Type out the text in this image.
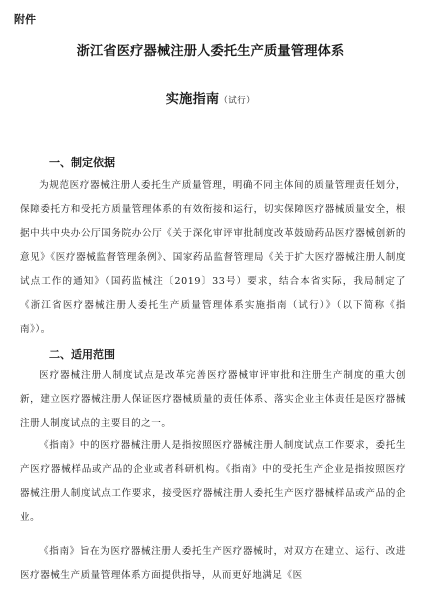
附件
浙江省医疗器械注册人委托生产质量管理体系
实施指南（试行）
一、制定依据

为规范医疗器械注册人委托生产质量管理，明确不同主体间的质量管理责任划分，保障委托方和受托方质量管理体系的有效衔接和运行，切实保障医疗器械质量安全，根据中共中央办公厅国务院办公厅《关于深化审评审批制度改革鼓励药品医疗器械创新的意见》《医疗器械监督管理条例》、国家药品监督管理局《关于扩大医疗器械注册人制度试点工作的通知》（国药监械注〔2019〕33号）要求，结合本省实际，我局制定了《浙江省医疗器械注册人委托生产质量管理体系实施指南（试行）》（以下简称《指南》）。

二、适用范围

医疗器械注册人制度试点是改革完善医疗器械审评审批和注册生产制度的重大创新，建立医疗器械注册人保证医疗器械质量的责任体系、落实企业主体责任是医疗器械注册人制度试点的主要目的之一。

《指南》中的医疗器械注册人是指按照医疗器械注册人制度试点工作要求，委托生产医疗器械样品或产品的企业或者科研机构。《指南》中的受托生产企业是指按照医疗器械注册人制度试点工作要求，接受医疗器械注册人委托生产医疗器械样品或产品的企业。

《指南》旨在为医疗器械注册人委托生产医疗器械时，对双方在建立、运行、改进医疗器械生产质量管理体系方面提供指导，从而更好地满足《医
